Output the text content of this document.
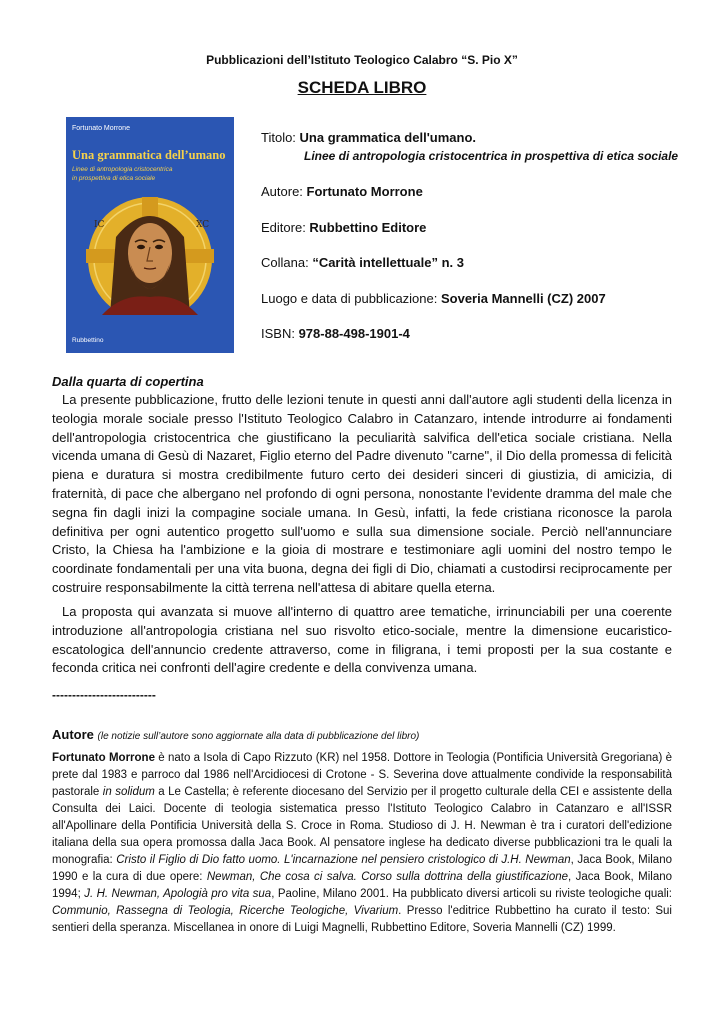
Pubblicazioni dell’Istituto Teologico Calabro “S. Pio X”
SCHEDA LIBRO
Fortunato Morrone
Una grammatica dell’umano
Linee di antropologia cristocentrica
in prospettiva di etica sociale
IC	XC
Rubbettino
Titolo: Una grammatica dell'umano.
Linee di antropologia cristocentrica in prospettiva di etica sociale
Autore: Fortunato Morrone
Editore: Rubbettino Editore
Collana: “Carità intellettuale” n. 3
Luogo e data di pubblicazione: Soveria Mannelli (CZ) 2007
ISBN: 978-88-498-1901-4
Dalla quarta di copertina

La presente pubblicazione, frutto delle lezioni tenute in questi anni dall'autore agli studenti della licenza in teologia morale sociale presso l'Istituto Teologico Calabro in Catanzaro, intende introdurre ai fondamenti dell'antropologia cristocentrica che giustificano la peculiarità salvifica dell'etica sociale cristiana. Nella vicenda umana di Gesù di Nazaret, Figlio eterno del Padre divenuto "carne", il Dio della promessa di felicità piena e duratura si mostra credibilmente futuro certo dei desideri sinceri di giustizia, di amicizia, di fraternità, di pace che albergano nel profondo di ogni persona, nonostante l'evidente dramma del male che segna fin dagli inizi la compagine sociale umana. In Gesù, infatti, la fede cristiana riconosce la parola definitiva per ogni autentico progetto sull'uomo e sulla sua dimensione sociale. Perciò nell'annunciare Cristo, la Chiesa ha l'ambizione e la gioia di mostrare e testimoniare agli uomini del nostro tempo le coordinate fondamentali per una vita buona, degna dei figli di Dio, chiamati a custodirsi reciprocamente per costruire responsabilmente la città terrena nell'attesa di abitare quella eterna.

La proposta qui avanzata si muove all'interno di quattro aree tematiche, irrinunciabili per una coerente introduzione all'antropologia cristiana nel suo risvolto etico-sociale, mentre la dimensione eucaristico-escatologica dell'annuncio credente attraverso, come in filigrana, i temi proposti per la sua costante e feconda critica nei confronti dell'agire credente e della convivenza umana.

--------------------------
Autore (le notizie sull’autore sono aggiornate alla data di pubblicazione del libro)

Fortunato Morrone è nato a Isola di Capo Rizzuto (KR) nel 1958. Dottore in Teologia (Pontificia Università Gregoriana) è prete dal 1983 e parroco dal 1986 nell'Arcidiocesi di Crotone - S. Severina dove attualmente condivide la responsabilità pastorale in solidum a Le Castella; è referente diocesano del Servizio per il progetto culturale della CEI e assistente della Consulta dei Laici. Docente di teologia sistematica presso l'Istituto Teologico Calabro in Catanzaro e all'ISSR all'Apollinare della Pontificia Università della S. Croce in Roma. Studioso di J. H. Newman è tra i curatori dell'edizione italiana della sua opera promossa dalla Jaca Book. Al pensatore inglese ha dedicato diverse pubblicazioni tra le quali la monografia: Cristo il Figlio di Dio fatto uomo. L'incarnazione nel pensiero cristologico di J.H. Newman, Jaca Book, Milano 1990 e la cura di due opere: Newman, Che cosa ci salva. Corso sulla dottrina della giustificazione, Jaca Book, Milano 1994; J. H. Newman, Apologià pro vita sua, Paoline, Milano 2001. Ha pubblicato diversi articoli su riviste teologiche quali: Communio, Rassegna di Teologia, Ricerche Teologiche, Vivarium. Presso l'editrice Rubbettino ha curato il testo: Sui sentieri della speranza. Miscellanea in onore di Luigi Magnelli, Rubbettino Editore, Soveria Mannelli (CZ) 1999.
